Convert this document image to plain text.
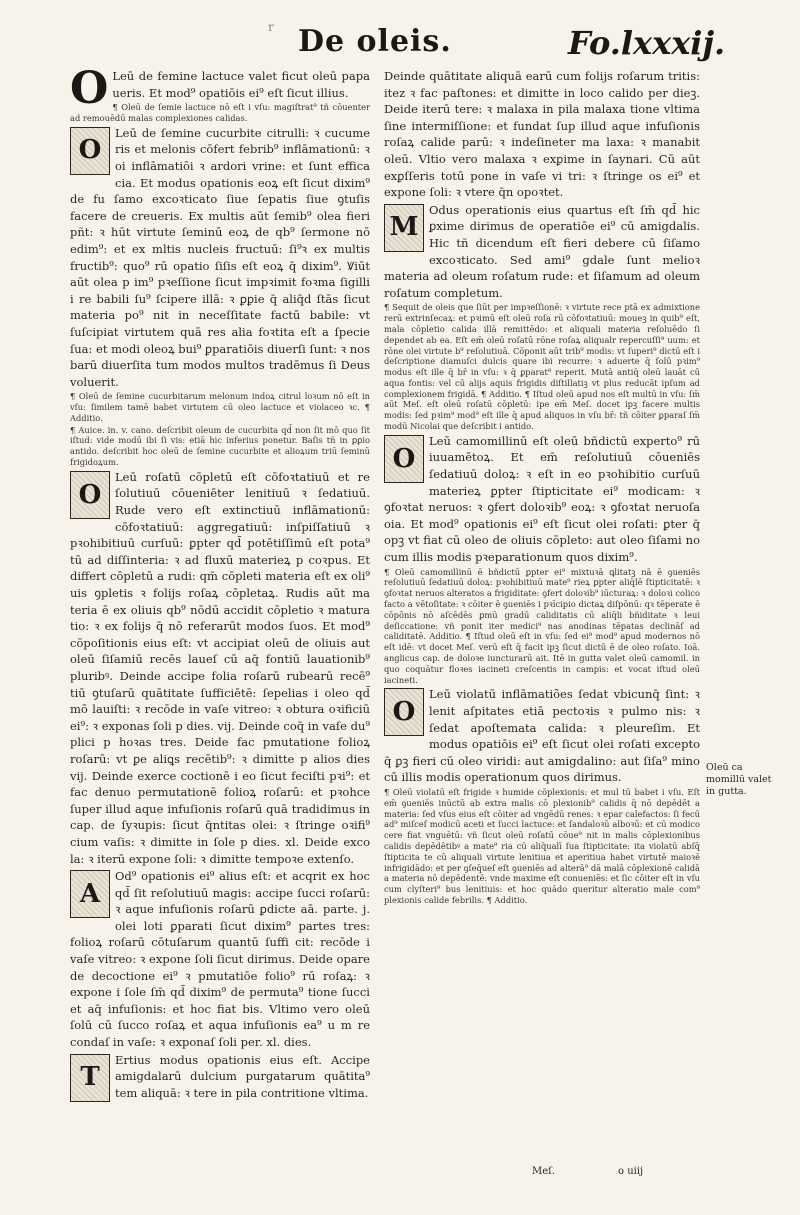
r De oleis.	Fo.lxxxij.

O Leū de femine lactuce valet ficut oleū papa ueris. Et mod⁹ opatiōis ei⁹ eſt ſicut illius.

¶ Oleū de ſemie lactuce nō eſt i vſu: magiſtrat⁹ tñ cōuenter ad remouēdū malas complexiones calidas.

O
Leū de ſemine cucurbite citrulli: ꝛ cucume ris et melonis cōfert febrib⁹ inflāmationū: ꝛ oi inflāmatiōi ꝛ ardori vrine: et ſunt effica cia. Et modus opationis eoꝝ eſt ſicut dixim⁹ de fu ſamo excoꝛticato ſiue ſepatis ſiue ꝯtuſis facere de creueris. Ex multis aūt ſemib⁹ olea fieri pñt: ꝛ hūt virtute ſeminū eoꝝ de qb⁹ ſermone nō edim⁹: et ex mltis nucleis fructuū: ſi⁹ꝛ ex multis fructib⁹: quo⁹ rū opatio ſiſis eſt eoꝝ q̄ dixim⁹. Ꝟiūt aūt olea p im⁹ pꝛeſſione ſicut impꝛimit foꝛma ſigilli i re babili ſu⁹ ſcipere illā: ꝛ ꝑꝑie q̄ aliq̄d ſtās ſicut materia po⁹ nit in neceſſitate factū babile: vt ſuſcipiat virtutem quā res alia foꝛtita eſt a ſpecie ſua: et modi oleoꝝ bui⁹ ꝑparatiōis diuerſi ſunt: ꝛ nos barū diuerſita tum modos multos tradēmus ſi Deus voluerit.

¶ Oleū de ſemine cucurbitarum melonum indoꝝ citrul loꝛum nō eſt in vſu: ſimilem tamē babet virtutem cū oleo lactuce et violaceo ꝛc. ¶ Additio.

¶ Auice. in. v. cano. deſcribit oleum de cucurbita qd̄ non ſit mō quo ſit iſtud: vide modū ibi ſi vis: etiā hic inferius ponetur. Baſis tñ in ꝑꝑio antido. deſcribit hoc oleū de ſemine cucurbite et alioꝝum triū ſeminū frigidoꝝum.

O
Leū roſatū cōpletū eſt cōfoꝛtatiuū et re ſolutiuū cōueniēter lenitiuū ꝛ ſedatiuū. Rude vero eſt extinctiuū inflāmationū: cōfoꝛtatiuū: aggregatiuū: inſpiſſatiuū ꝛ pꝛohibitiuū curſuū: ꝑpter qd̄ potētiſſimū eſt pota⁹ tū ad diſſinteria: ꝛ ad fluxū materieꝝ p coꝛpus. Et differt cōpletū a rudi: qm̄ cōpleti materia eſt ex oli⁹ uis ꝯpletis ꝛ folijs roſaꝝ cōpletaꝝ. Rudis aūt ma teria ē ex oliuis qb⁹ nōdū accidit cōpletio ꝛ matura tio: ꝛ ex folijs q̄ nō referarūt modos ſuos. Et mod⁹ cōpoſitionis eius eſt: vt accipiat oleū de oliuis aut oleū ſiſamiū recēs laueſ cū aq̄ fontiū lauationib⁹ pluribꝰ. Deinde accipe folia roſarū rubearū recē⁹ tiū ꝯtuſarū quātitate ſufficiētē: ſepelias i oleo qd̄ mō lauiſti: ꝛ recōde in vaſe vitreo: ꝛ obtura oꝛificiū ei⁹: ꝛ exponas ſoli p dies. vij. Deinde coq̄ in vaſe du⁹ plici p hoꝛas tres. Deide fac pmutatione folioꝝ roſarū: vt ꝑe aliꝗs recētib⁹: ꝛ dimitte p alios dies vij. Deinde exerce coctionē i eo ſicut feciſti pꝛi⁹: et fac denuo permutationē folioꝝ roſarū: et pꝛohce ſuper illud aque infuſionis roſarū quā tradidimus in cap. de ſyꝛupis: ſicut q̄ntitas olei: ꝛ ſtringe oꝛifi⁹ cium vaſis: ꝛ dimitte in ſole p dies. xl. Deide exco la: ꝛ iterū expone ſoli: ꝛ dimitte tempoꝛe extenſo.

A
Od⁹ opationis ei⁹ alius eſt: et acqrit ex hoc qd̄ ſit reſolutiuū magis: accipe ſucci roſarū: ꝛ aque infuſionis roſarū ꝑdicte aā. parte. j. olei loti ꝑparati ſicut dixim⁹ partes tres: folioꝝ roſarū cōtuſarum quantū ſuffi cit: recōde i vaſe vitreo: ꝛ expone ſoli ſicut dirimus. Deide opare de decoctione ei⁹ ꝛ pmutatiōe folio⁹ rū roſaꝝ: ꝛ expone i ſole ſm̄ qd̄ dixim⁹ de permuta⁹ tione ſucci et aq̄ infuſionis: et hoc fiat bis. Vltimo vero oleū ſolū cū ſucco roſaꝝ et aqua infuſionis ea⁹ u m re condaſ in vaſe: ꝛ exponaſ ſoli per. xl. dies.

T
Ertius modus opationis eius eſt. Accipe amigdalarū dulcium purgatarum quātita⁹ tem aliquā: ꝛ tere in pila contritione vltima.

Deinde quātitate aliquā earū cum folijs roſarum tritis: itez ꝛ fac paſtones: et dimitte in loco calido per dieꝫ. Deide iterū tere: ꝛ malaxa in pila malaxa tione vltima ſine intermiſſione: et fundat ſup illud aque infuſionis roſaꝝ calide parū: ꝛ indeſineter ma laxa: ꝛ manabit oleū. Vltio vero malaxa ꝛ exꝑime in ſaynari. Cū aūt exꝑſſeris totū pone in vaſe vi tri: ꝛ ſtringe os ei⁹ et expone ſoli: ꝛ vtere q̄n opoꝛtet.

M
Odus operationis eius quartus eſt ſm̄ qd̄ hic ꝑxime dirimus de operatiōe ei⁹ cū amigdalis. Hic tñ dicendum eſt fieri debere cū ſiſamo excoꝛticato. Sed ami⁹ gdale ſunt melioꝛ materia ad oleum roſatum rude: et ſiſamum ad oleum roſatum completum.

¶ Sequit de oleis que ſiūt per impꝛeſſionē: ꝛ virtute rece ptā ex admixtione rerū extrinſecaꝝ: et pꝛimū eſt oleū roſa rū cōfoꝛtatiuū: moueꝫ in quib⁹ eſt, mala cōpletio calida illā remittēdo: et aliquali materia reſoluēdo ſi dependet ab ea. Eſt em̄ oleū roſatū rōne roſaꝝ aliqualr repercuſſi⁹ uum: et rōne olei virtute b⁹ reſolutiuā. Cōponit aūt trib⁹ modis: vt ſuperi⁹ dictū eſt i deſcriptione diamuſci dulcis quare ibi recurre: ꝛ aduerte q̄ ſolū pꝛim⁹ modus eſt ille q̄ br̄ in vſu: ꝛ q̄ ꝑparat⁹ reperit. Mutā antiq̄ oleū lauāt cū aqua fontis: vel cū alijs aquis frigidis diſtillatiꝫ vt plus reducāt ipſum ad complexionem frigidā. ¶ Additio. ¶ Iſtud oleū apud nos eſt multū in vſu: ſm̄ aūt Meſ. eſt oleū roſatū cōpletū: ipe em̄ Meſ. docet ipꝫ facere multis modis: ſed pꝛim⁹ mod⁹ eſt ille q̄ apud aliquos in vſu br̄: tñ cōiter ꝑparaſ ſm̄ modū Nicolai que deſcribit i antido.

O
Leū camomillinū eſt oleū bñdictū experto⁹ rū iuuamētoꝝ. Et em̄ reſolutiuū cōueniēs ſedatiuū doloꝝ: ꝛ eſt in eo pꝛohibitio curſuū materieꝝ ꝑpter ſtipticitate ei⁹ modicam: ꝛ ꝯfoꝛtat neruos: ꝛ ꝯfert doloꝛib⁹ eoꝝ: ꝛ ꝯfoꝛtat neruoſa oia. Et mod⁹ opationis ei⁹ eſt ſicut olei roſati: ꝑter q̄ opꝫ vt fiat cū oleo de oliuis cōpleto: aut oleo ſiſami no cum illis modis pꝛeparationum quos dixim⁹.

¶ Oleū camomillinū ē bñdictū ꝑpter ei⁹ mixtuꝛā ꝗlitatꝫ nā ē ꝯueniēs reſolutiuū ſedatiuū doloꝝ: pꝛohibitiuū mate⁹ rieꝝ ꝑpter aliq̄lē ſtipticitatē: ꝛ ꝯfoꝛtat neruos alteratos a frigiditate: ꝯfert doloꝛib⁹ iūcturaꝝ: ꝛ doloꝛi colico facto a vētoſitate: ꝛ cōiter ē ꝯueniēs i pꝛīcipio dictaꝝ diſpōnū: qꝛ tēperate ē cōpōnis nō aſcēdēs ꝑmū gradū caliditatis cū aliq̄li bñiditate ꝛ leui deſiccatione: vñ ponit iter medici⁹ nas anodinas tēpatas declināſ ad caliditatē. Additio. ¶ Iſtud oleū eſt in vſu: ſed ei⁹ mod⁹ apud modernos nō eſt idē: vt docet Meſ. verū eſt q̄ facit ipꝫ ſicut dictū ē de oleo roſato. Ioā. anglicus cap. de doloꝛe iuncturarū ait. Itē in gutta valet oleū camomil. in quo coquātur floꝛes iacineti creſcentis in campis: et vocat iſtud oleū iacineti.

O
Leū violatū inflāmatiões ſedat vbicunq̄ ſint: ꝛ lenit aſpitates etiā pectoꝛis ꝛ pulmo nis: ꝛ ſedat apoſtemata calida: ꝛ pleureſim. Et modus opatiōis ei⁹ eſt ſicut olei roſati excepto q̄ ꝑꝫ fieri cū oleo viridi: aut amigdalino: aut ſiſa⁹ mino cū illis modis operationum quos dirimus.

¶ Oleū violatū eſt frigide ꝛ humide cōplexionis: et mul tū babet i vſu. Eſt em̄ ꝯueniēs inūctū ab extra malis cō plexionib⁹ calidis q̄ nō depēdēt a materia: ſed vſus eius eſt cōiter ad vngēdū renes: ꝛ epar calefactos: ſi fecū ad⁹ miſceſ modicū aceti et ſucci lactuce: et ſandaloꝛū alboꝛū: et cū modico cere fiat vnguētū: vñ ſicut oleū roſatū cōue⁹ nit in malis cōplexionibus calidis depēdētibꝰ a mate⁹ ria cū aliq̄ualī ſua ſtipticitate: ita violatū abſq̄ ſtipticita te cū aliquali virtute lenitiua et aperitiua habet virtutē maioꝛē infrigidādo: et per ꝯſeq̄ueſ eſt ꝯueniēs ad alterā⁹ dā malā cōplexionē calidā a materia nō depēdentē: vnde maxime eſt conueniēs: et ſic cōiter eſt in vſu cum clyſteri⁹ bus lenitiuis: et hoc quādo queritur alteratio male com⁹ plexionis calide febrilis. ¶ Additio.

Oleū ca momillū valet in gutta.
Meſ.	o uiij
